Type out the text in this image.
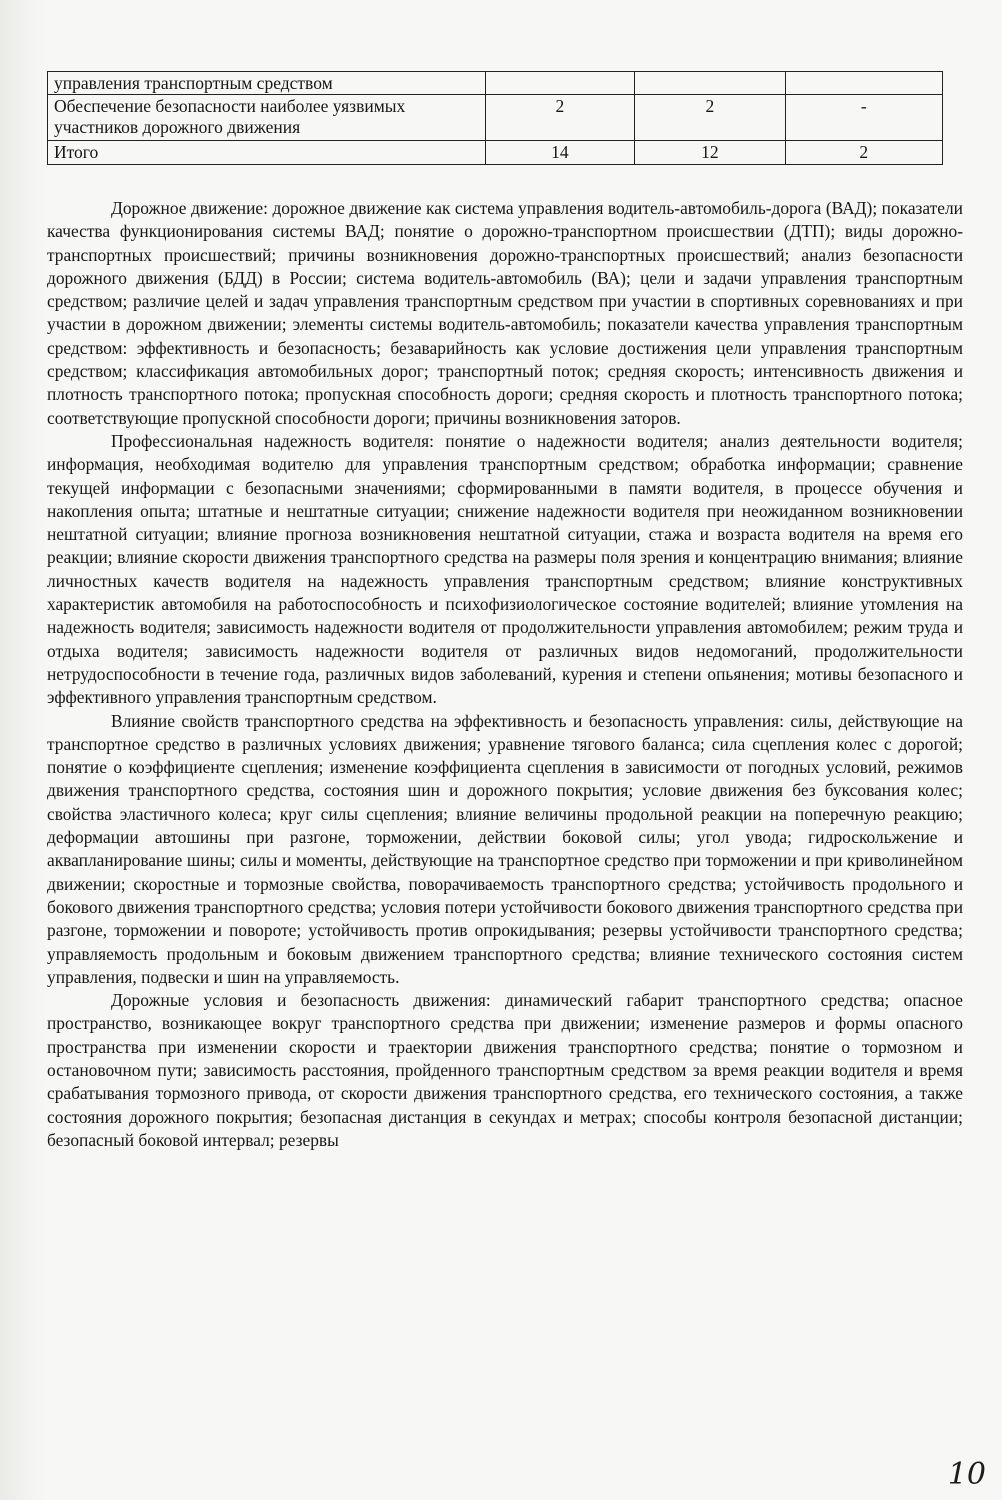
управления транспортным средством			
Обеспечение безопасности наиболее уязвимых участников дорожного движения	2	2	-
Итого	14	12	2

Дорожное движение: дорожное движение как система управления водитель-автомобиль-дорога (ВАД); показатели качества функционирования системы ВАД; понятие о дорожно-транспортном происшествии (ДТП); виды дорожно-транспортных происшествий; причины возникновения дорожно-транспортных происшествий; анализ безопасности дорожного движения (БДД) в России; система водитель-автомобиль (ВА); цели и задачи управления транспортным средством; различие целей и задач управления транспортным средством при участии в спортивных соревнованиях и при участии в дорожном движении; элементы системы водитель-автомобиль; показатели качества управления транспортным средством: эффективность и безопасность; безаварийность как условие достижения цели управления транспортным средством; классификация автомобильных дорог; транспортный поток; средняя скорость; интенсивность движения и плотность транспортного потока; пропускная способность дороги; средняя скорость и плотность транспортного потока; соответствующие пропускной способности дороги; причины возникновения заторов.

Профессиональная надежность водителя: понятие о надежности водителя; анализ деятельности водителя; информация, необходимая водителю для управления транспортным средством; обработка информации; сравнение текущей информации с безопасными значениями; сформированными в памяти водителя, в процессе обучения и накопления опыта; штатные и нештатные ситуации; снижение надежности водителя при неожиданном возникновении нештатной ситуации; влияние прогноза возникновения нештатной ситуации, стажа и возраста водителя на время его реакции; влияние скорости движения транспортного средства на размеры поля зрения и концентрацию внимания; влияние личностных качеств водителя на надежность управления транспортным средством; влияние конструктивных характеристик автомобиля на работоспособность и психофизиологическое состояние водителей; влияние утомления на надежность водителя; зависимость надежности водителя от продолжительности управления автомобилем; режим труда и отдыха водителя; зависимость надежности водителя от различных видов недомоганий, продолжительности нетрудоспособности в течение года, различных видов заболеваний, курения и степени опьянения; мотивы безопасного и эффективного управления транспортным средством.

Влияние свойств транспортного средства на эффективность и безопасность управления: силы, действующие на транспортное средство в различных условиях движения; уравнение тягового баланса; сила сцепления колес с дорогой; понятие о коэффициенте сцепления; изменение коэффициента сцепления в зависимости от погодных условий, режимов движения транспортного средства, состояния шин и дорожного покрытия; условие движения без буксования колес; свойства эластичного колеса; круг силы сцепления; влияние величины продольной реакции на поперечную реакцию; деформации автошины при разгоне, торможении, действии боковой силы; угол увода; гидроскольжение и аквапланирование шины; силы и моменты, действующие на транспортное средство при торможении и при криволинейном движении; скоростные и тормозные свойства, поворачиваемость транспортного средства; устойчивость продольного и бокового движения транспортного средства; условия потери устойчивости бокового движения транспортного средства при разгоне, торможении и повороте; устойчивость против опрокидывания; резервы устойчивости транспортного средства; управляемость продольным и боковым движением транспортного средства; влияние технического состояния систем управления, подвески и шин на управляемость.

Дорожные условия и безопасность движения: динамический габарит транспортного средства; опасное пространство, возникающее вокруг транспортного средства при движении; изменение размеров и формы опасного пространства при изменении скорости и траектории движения транспортного средства; понятие о тормозном и остановочном пути; зависимость расстояния, пройденного транспортным средством за время реакции водителя и время срабатывания тормозного привода, от скорости движения транспортного средства, его технического состояния, а также состояния дорожного покрытия; безопасная дистанция в секундах и метрах; способы контроля безопасной дистанции; безопасный боковой интервал; резервы

10
